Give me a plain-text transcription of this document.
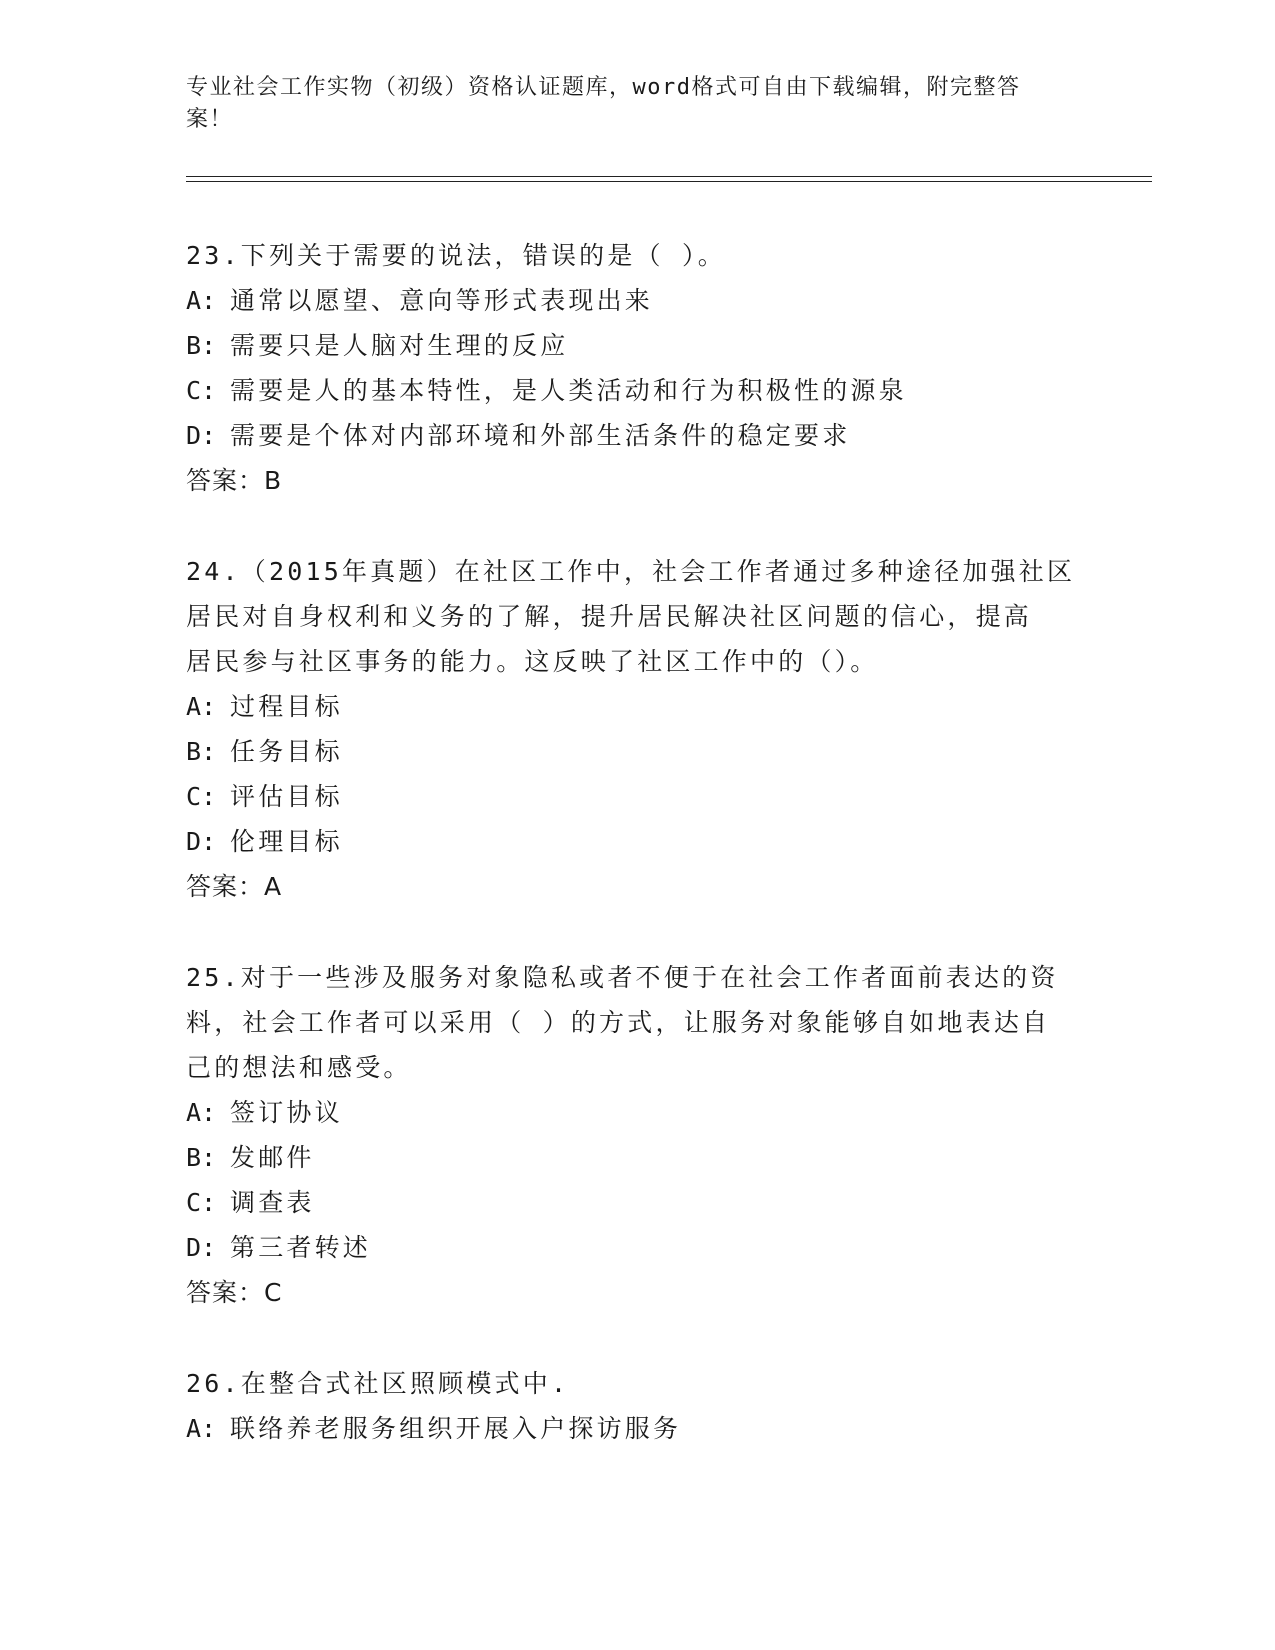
专业社会工作实物（初级）资格认证题库，word格式可自由下载编辑，附完整答案！
23.下列关于需要的说法，错误的是（ ）。
A: 通常以愿望、意向等形式表现出来
B: 需要只是人脑对生理的反应
C: 需要是人的基本特性，是人类活动和行为积极性的源泉
D: 需要是个体对内部环境和外部生活条件的稳定要求
答案：B
24.（2015年真题）在社区工作中，社会工作者通过多种途径加强社区
居民对自身权利和义务的了解，提升居民解决社区问题的信心，提高
居民参与社区事务的能力。这反映了社区工作中的（）。
A: 过程目标
B: 任务目标
C: 评估目标
D: 伦理目标
答案：A
25.对于一些涉及服务对象隐私或者不便于在社会工作者面前表达的资
料，社会工作者可以采用（ ）的方式，让服务对象能够自如地表达自
己的想法和感受。
A: 签订协议
B: 发邮件
C: 调查表
D: 第三者转述
答案：C
26.在整合式社区照顾模式中.
A: 联络养老服务组织开展入户探访服务
